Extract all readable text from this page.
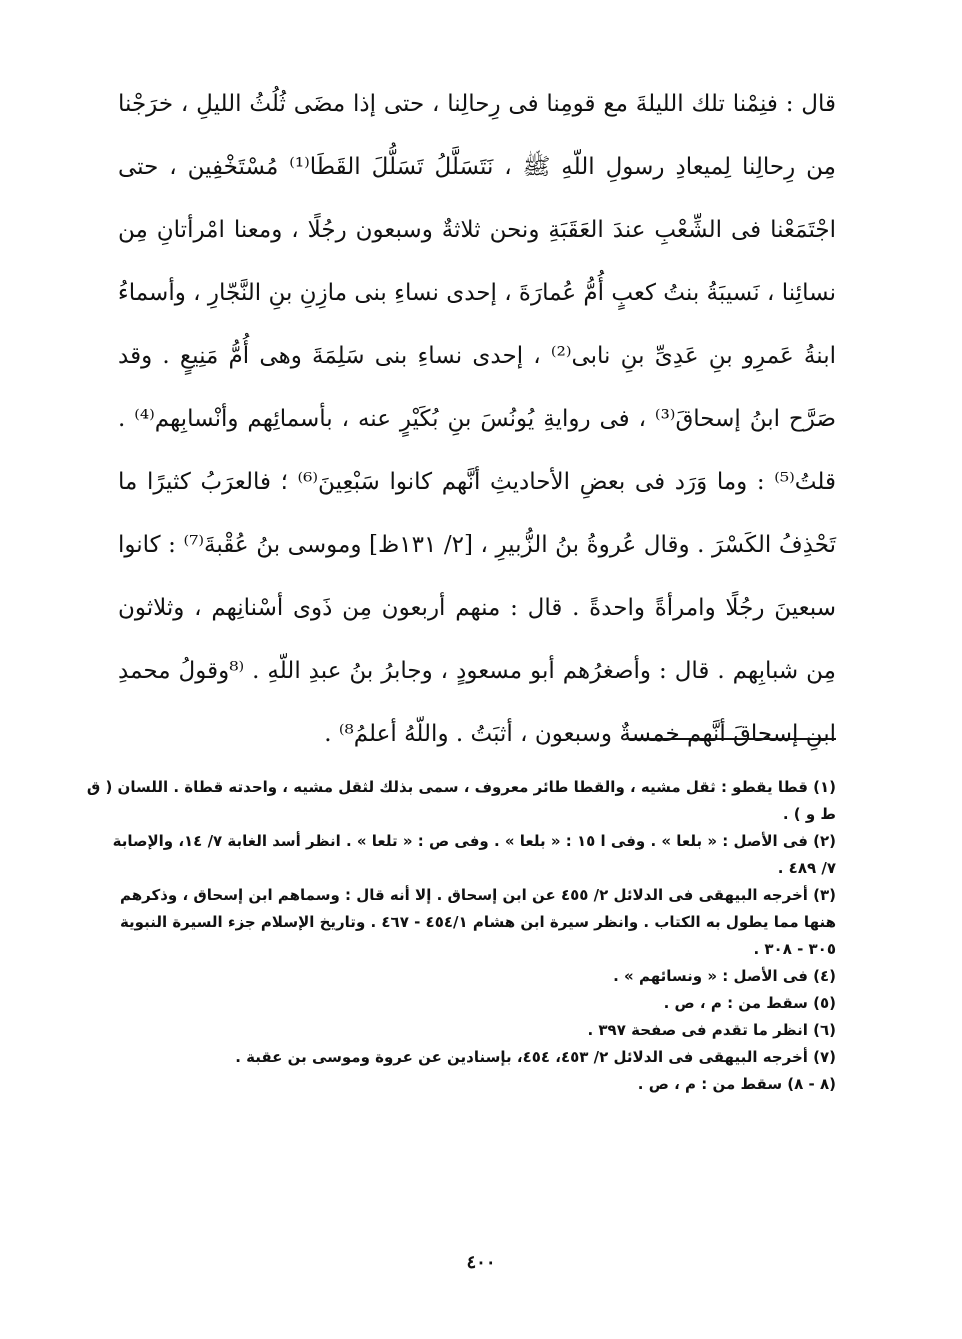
قال : فنِمْنا تلك الليلةَ مع قومِنا فى رِحالِنا ، حتى إذا مضَى ثُلُثُ الليلِ ، خرَجْنا
مِن رِحالِنا لِميعادِ رسولِ اللّهِ ﷺ ، نَتَسَلَّلُ تَسَلُّلَ القَطَا⁽¹⁾ مُسْتَخْفِين ، حتى
اجْتَمَعْنا فى الشِّعْبِ عندَ العَقَبَةِ ونحن ثلاثةٌ وسبعون رجُلًا ، ومعنا امْرأتانِ مِن
نسائِنا ، نَسيبَةُ بنتُ كعبٍ أُمُّ عُمارَةَ ، إحدى نساءِ بنى مازِنِ بنِ النَّجّارِ ، وأسماءُ
ابنةُ عَمرِو بنِ عَدِىِّ بنِ نابى⁽²⁾ ، إحدى نساءِ بنى سَلِمَةَ وهى أُمُّ مَنِيعٍ . وقد
صَرَّح ابنُ إسحاقَ⁽³⁾ ، فى روايةِ يُونُسَ بنِ بُكَيْرٍ عنه ، بأسمائِهم وأنْسابِهم⁽⁴⁾ .
قلتُ⁽⁵⁾ : وما وَرَد فى بعضِ الأحاديثِ أنَّهم كانوا سَبْعِينَ⁽⁶⁾ ؛ فالعرَبُ كثيرًا ما
تَحْذِفُ الكَسْرَ . وقال عُروةُ بنُ الزُّبيرِ ، [٢/ ١٣١ظ] وموسى بنُ عُقْبةَ⁽⁷⁾ : كانوا
سبعينَ رجُلًا وامرأةً واحدةً . قال : منهم أربعون مِن ذَوى أسْنانِهم ، وثلاثون
مِن شبابِهم . قال : وأصغرُهم أبو مسعودٍ ، وجابرُ بنُ عبدِ اللّهِ . ⁽⁸وقولُ محمدِ
ابنِ إسحاقَ أنَّهم خمسةٌ وسبعون ، أثبَتُ . واللّهُ أعلمُ⁸⁾ .
(١) قطا يقطو : ثقل مشيه ، والقطا طائر معروف ، سمى بذلك لثقل مشيه ، واحدته قطاة . اللسان ( ق
ط و ) .
(٢) فى الأصل : « بلعا » . وفى ا ١٥ : « بلعا » . وفى ص : « تلعا » . انظر أسد الغابة ٧/ ١٤، والإصابة
٧/ ٤٨٩ .
(٣) أخرجه البيهقى فى الدلائل ٢/ ٤٥٥ عن ابن إسحاق . إلا أنه قال : وسماهم ابن إسحاق ، وذكرهم
هنها مما يطول به الكتاب . وانظر سيرة ابن هشام ٤٥٤/١ - ٤٦٧ . وتاريخ الإسلام جزء السيرة النبوية
٣٠٥ - ٣٠٨ .
(٤) فى الأصل : « ونسائهم » .
(٥) سقط من : م ، ص .
(٦) انظر ما تقدم فى صفحة ٣٩٧ .
(٧) أخرجه البيهقى فى الدلائل ٢/ ٤٥٣، ٤٥٤، بإسنادين عن عروة وموسى بن عقبة .
(٨ - ٨) سقط من : م ، ص .
٤٠٠
